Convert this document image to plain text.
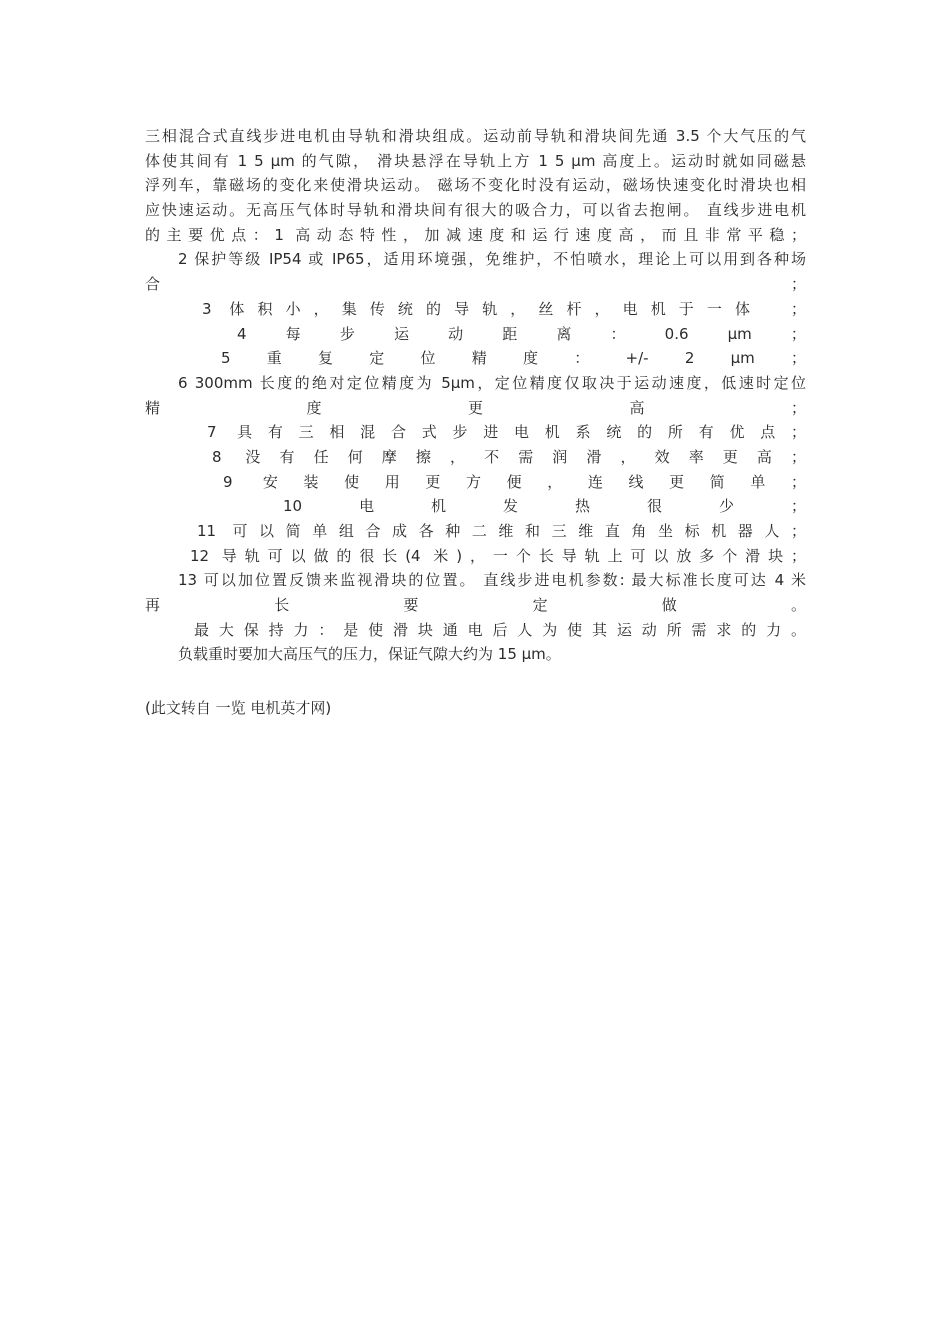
三相混合式直线步进电机由导轨和滑块组成。运动前导轨和滑块间先通 3.5 个大气压的气
体使其间有 1 5 μm 的气隙， 滑块悬浮在导轨上方 1 5 μm 高度上。运动时就如同磁悬
浮列车，靠磁场的变化来使滑块运动。 磁场不变化时没有运动，磁场快速变化时滑块也相
应快速运动。无高压气体时导轨和滑块间有很大的吸合力，可以省去抱闸。 直线步进电机
的主要优点：1 高动态特性，加减速度和运行速度高，而且非常平稳；
2 保护等级 IP54 或 IP65，适用环境强，免维护，不怕喷水，理论上可以用到各种场
合	；
3 体积小，集传统的导轨，丝杆，电机于一体	；
4	每	步	运	动	距	离	：	0.6	μm	；
5 重 复 定 位 精 度 ： +/- 2 μm ；
6 300mm 长度的绝对定位精度为 5μm，定位精度仅取决于运动速度，低速时定位
精	度	更	高	；
7 具有三相混合式步进电机系统的所有优点；
8 没有任何摩擦，不需润滑，效率更高；
9 安装使用更方便，连线更简单；
10	电	机	发	热	很	少	；
11 可以简单组合成各种二维和三维直角坐标机器人；
12 导轨可以做的很长(4 米)，一个长导轨上可以放多个滑块；
13 可以加位置反馈来监视滑块的位置。 直线步进电机参数: 最大标准长度可达 4 米
再	长	要	定	做	。
最大保持力：是使滑块通电后人为使其运动所需求的力。
负载重时要加大高压气的压力，保证气隙大约为 15 μm。
(此文转自 一览 电机英才网)
